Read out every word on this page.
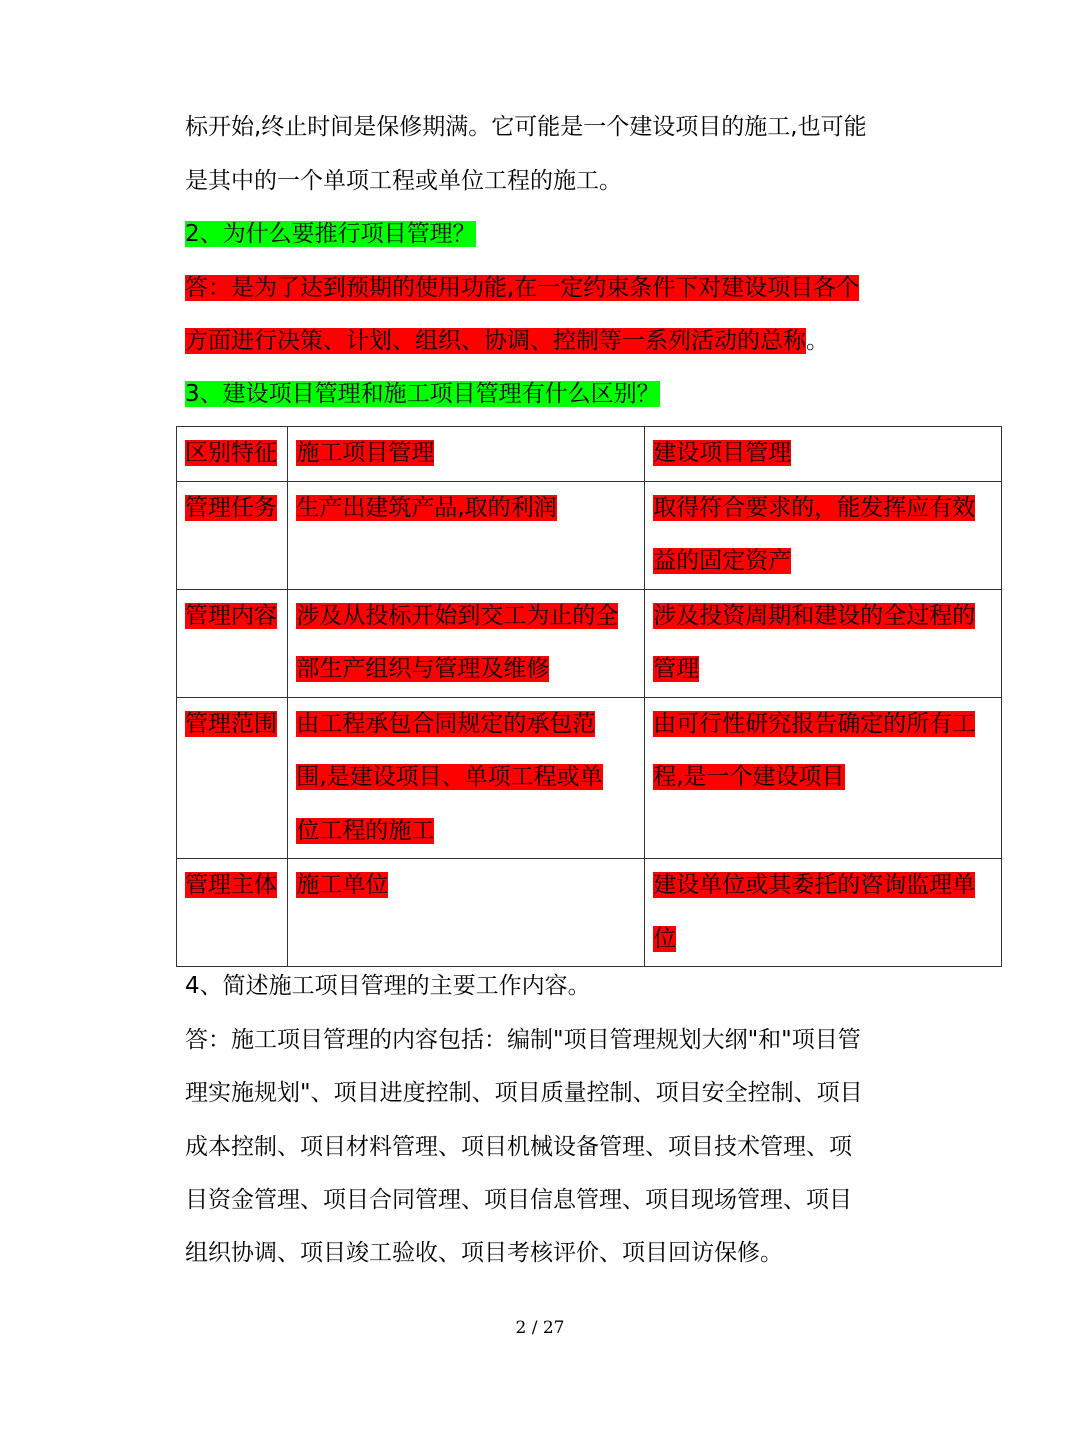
标开始,终止时间是保修期满。它可能是一个建设项目的施工,也可能
是其中的一个单项工程或单位工程的施工。
2、为什么要推行项目管理？
答：是为了达到预期的使用功能,在一定约束条件下对建设项目各个
方面进行决策、计划、组织、协调、控制等一系列活动的总称。
3、建设项目管理和施工项目管理有什么区别？
区别特征	施工项目管理	建设项目管理
管理任务	生产出建筑产品,取的利润	取得符合要求的，能发挥应有效
益的固定资产
管理内容	涉及从投标开始到交工为止的全
部生产组织与管理及维修	涉及投资周期和建设的全过程的
管理
管理范围	由工程承包合同规定的承包范
围,是建设项目、单项工程或单
位工程的施工	由可行性研究报告确定的所有工
程,是一个建设项目
管理主体	施工单位	建设单位或其委托的咨询监理单
位
4、简述施工项目管理的主要工作内容。
答：施工项目管理的内容包括：编制"项目管理规划大纲"和"项目管
理实施规划"、项目进度控制、项目质量控制、项目安全控制、项目
成本控制、项目材料管理、项目机械设备管理、项目技术管理、项
目资金管理、项目合同管理、项目信息管理、项目现场管理、项目
组织协调、项目竣工验收、项目考核评价、项目回访保修。
2 / 27
